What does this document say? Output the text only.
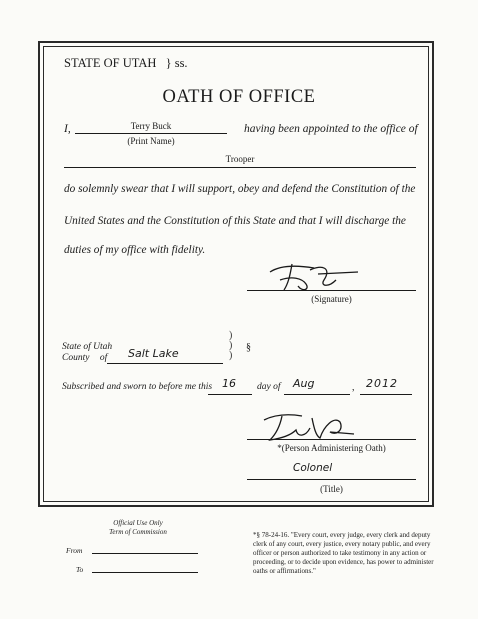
STATE OF UTAH } ss.
OATH OF OFFICE
I,	Terry Buck
(Print Name)
having been appointed to the office of
Trooper
do solemnly swear that I will support, obey and defend the Constitution of the
United States and the Constitution of this State and that I will discharge the
duties of my office with fidelity.
(Signature)
State of Utah
County of Salt Lake
)
)
)
§
Subscribed and sworn to before me this 16 day of Aug	, 2012
*(Person Administering Oath)
Colonel
(Title)
Official Use Only
Term of Commission
From
To
*§ 78-24-16. "Every court, every judge, every clerk and deputy clerk of any court, every justice, every notary public, and every officer or person authorized to take testimony in any action or proceeding, or to decide upon evidence, has power to administer oaths or affirmations."
